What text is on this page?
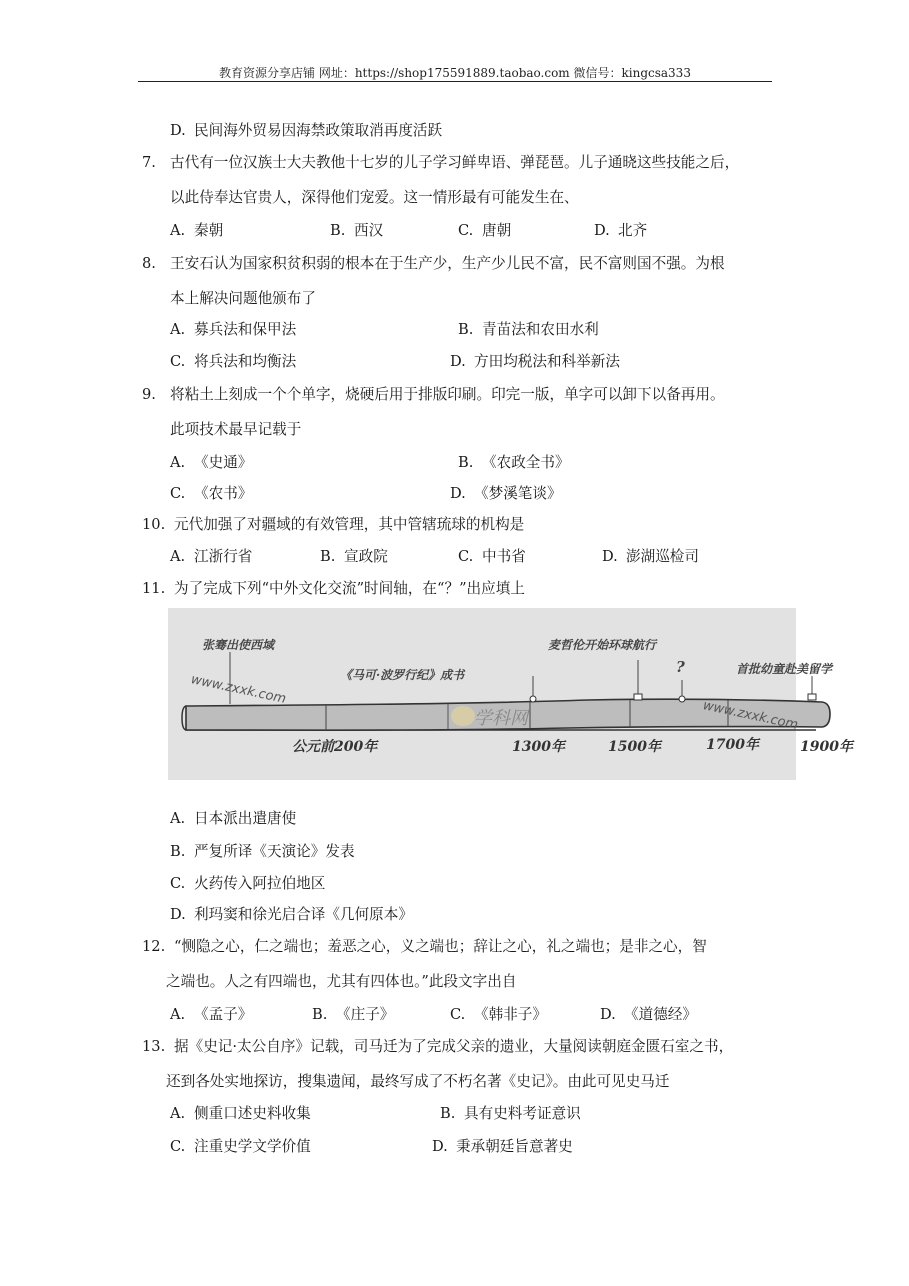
教育资源分享店铺 网址：https://shop175591889.taobao.com 微信号：kingcsa333
D. 民间海外贸易因海禁政策取消再度活跃
7. 古代有一位汉族士大夫教他十七岁的儿子学习鲜卑语、弹琵琶。儿子通晓这些技能之后，
以此侍奉达官贵人，深得他们宠爱。这一情形最有可能发生在、
A. 秦朝	B. 西汉	C. 唐朝	D. 北齐
8. 王安石认为国家积贫积弱的根本在于生产少，生产少儿民不富，民不富则国不强。为根
本上解决问题他颁布了
A. 募兵法和保甲法	B. 青苗法和农田水利
C. 将兵法和均衡法	D. 方田均税法和科举新法
9. 将粘土上刻成一个个单字，烧硬后用于排版印刷。印完一版，单字可以卸下以备再用。
此项技术最早记载于
A. 《史通》	B. 《农政全书》
C. 《农书》	D. 《梦溪笔谈》
10. 元代加强了对疆域的有效管理，其中管辖琉球的机构是
A. 江浙行省	B. 宣政院	C. 中书省	D. 澎湖巡检司
11. 为了完成下列“中外文化交流”时间轴，在“？”出应填上
张骞出使西域
《马可·波罗行纪》成书
麦哲伦开始环球航行
?	首批幼童赴美留学
www.zxxk.com
学科网	www.zxxk.com
公元前200年	1300年	1500年	1700年	1900年
A. 日本派出遣唐使
B. 严复所译《天演论》发表
C. 火药传入阿拉伯地区
D. 利玛窦和徐光启合译《几何原本》
12. “恻隐之心，仁之端也；羞恶之心，义之端也；辞让之心，礼之端也；是非之心，智
之端也。人之有四端也，尤其有四体也。”此段文字出自
A. 《孟子》	B. 《庄子》	C. 《韩非子》	D. 《道德经》
13. 据《史记·太公自序》记载，司马迁为了完成父亲的遗业，大量阅读朝庭金匮石室之书，
还到各处实地探访，搜集遗闻，最终写成了不朽名著《史记》。由此可见史马迁
A. 侧重口述史料收集	B. 具有史料考证意识
C. 注重史学文学价值	D. 秉承朝廷旨意著史
